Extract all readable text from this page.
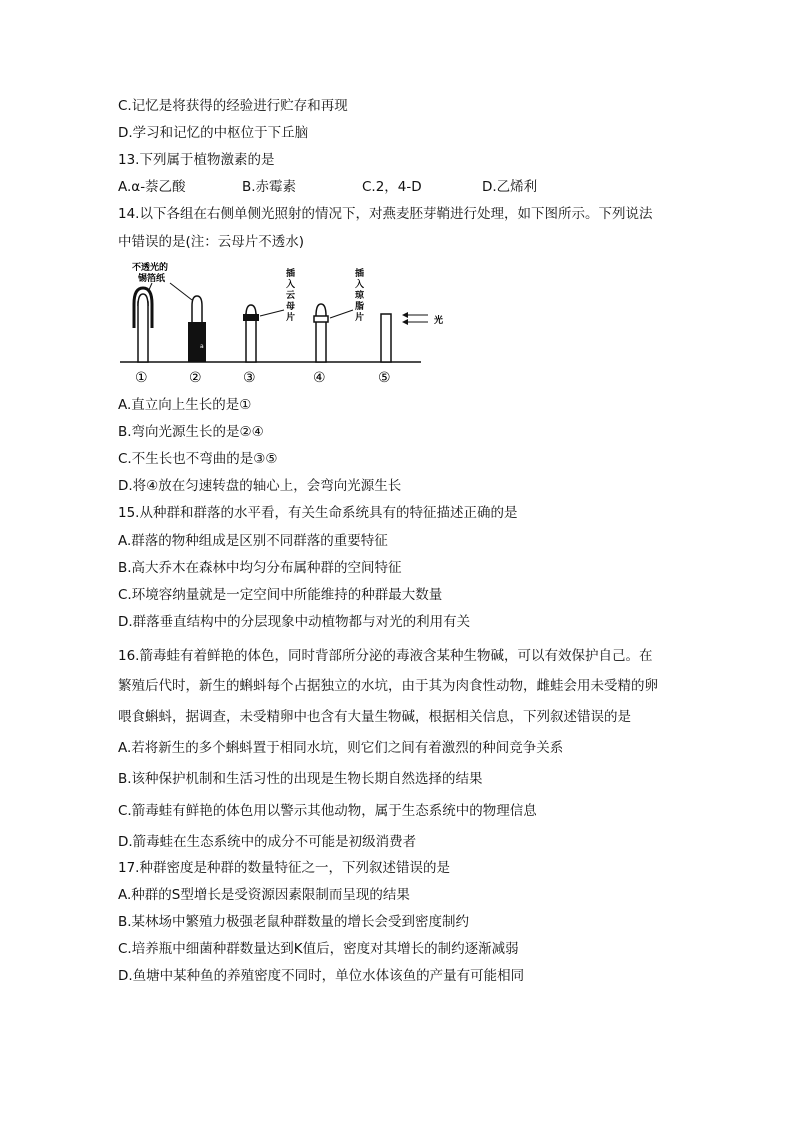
C.记忆是将获得的经验进行贮存和再现
D.学习和记忆的中枢位于下丘脑
13.下列属于植物激素的是
A.α-萘乙酸	B.赤霉素	C.2，4-D	D.乙烯利
14.以下各组在右侧单侧光照射的情况下，对燕麦胚芽鞘进行处理，如下图所示。下列说法
中错误的是(注：云母片不透水)
不透光的
锡箔纸
a
插
入
云
母
片
插
入
琼
脂
片	光
①	②	③	④	⑤
A.直立向上生长的是①
B.弯向光源生长的是②④
C.不生长也不弯曲的是③⑤
D.将④放在匀速转盘的轴心上，会弯向光源生长
15.从种群和群落的水平看，有关生命系统具有的特征描述正确的是
A.群落的物种组成是区别不同群落的重要特征
B.高大乔木在森林中均匀分布属种群的空间特征
C.环境容纳量就是一定空间中所能维持的种群最大数量
D.群落垂直结构中的分层现象中动植物都与对光的利用有关
16.箭毒蛙有着鲜艳的体色，同时背部所分泌的毒液含某种生物碱，可以有效保护自己。在
繁殖后代时，新生的蝌蚪每个占据独立的水坑，由于其为肉食性动物，雌蛙会用未受精的卵
喂食蝌蚪，据调查，未受精卵中也含有大量生物碱，根据相关信息，下列叙述错误的是
A.若将新生的多个蝌蚪置于相同水坑，则它们之间有着激烈的种间竞争关系
B.该种保护机制和生活习性的出现是生物长期自然选择的结果
C.箭毒蛙有鲜艳的体色用以警示其他动物，属于生态系统中的物理信息
D.箭毒蛙在生态系统中的成分不可能是初级消费者
17.种群密度是种群的数量特征之一，下列叙述错误的是
A.种群的S型增长是受资源因素限制而呈现的结果
B.某林场中繁殖力极强老鼠种群数量的增长会受到密度制约
C.培养瓶中细菌种群数量达到K值后，密度对其增长的制约逐渐减弱
D.鱼塘中某种鱼的养殖密度不同时，单位水体该鱼的产量有可能相同
